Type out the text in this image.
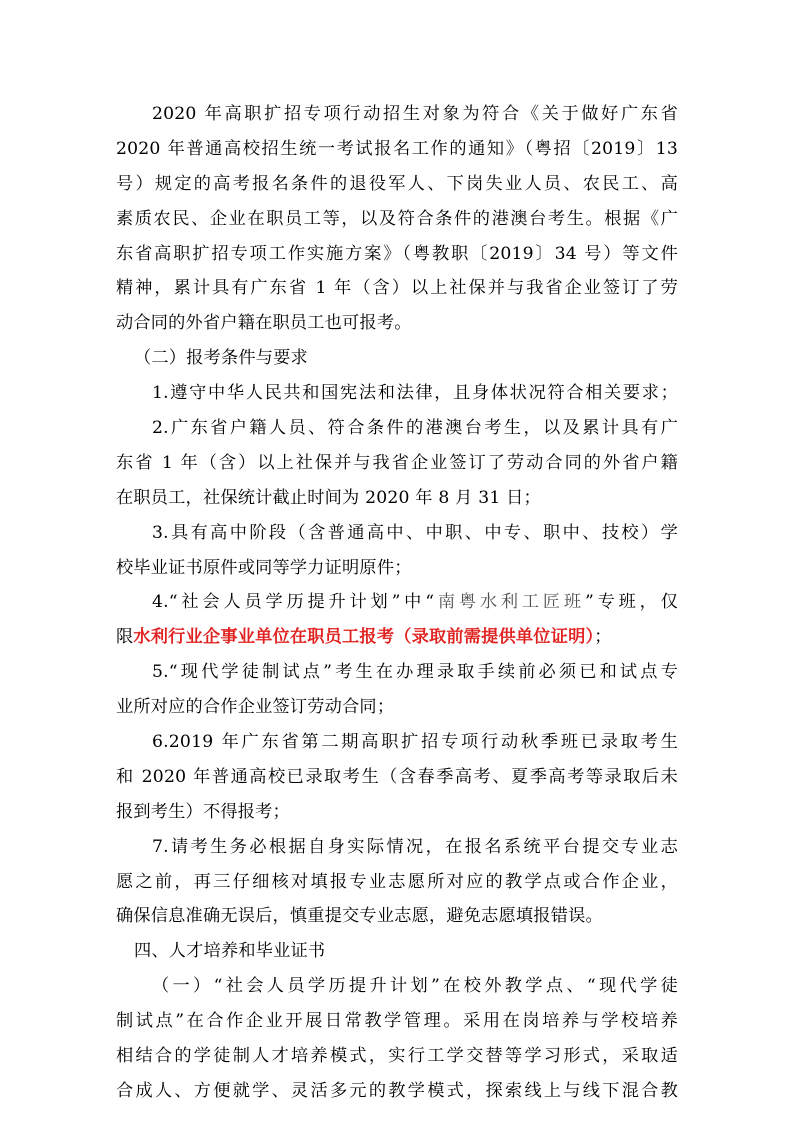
2020 年高职扩招专项行动招生对象为符合《关于做好广东省
2020 年普通高校招生统一考试报名工作的通知》（粤招〔2019〕13
号）规定的高考报名条件的退役军人、下岗失业人员、农民工、高
素质农民、企业在职员工等，以及符合条件的港澳台考生。根据《广
东省高职扩招专项工作实施方案》（粤教职〔2019〕34 号）等文件
精神，累计具有广东省 1 年（含）以上社保并与我省企业签订了劳
动合同的外省户籍在职员工也可报考。
（二）报考条件与要求
1.遵守中华人民共和国宪法和法律，且身体状况符合相关要求；
2.广东省户籍人员、符合条件的港澳台考生，以及累计具有广
东省 1 年（含）以上社保并与我省企业签订了劳动合同的外省户籍
在职员工，社保统计截止时间为 2020 年 8 月 31 日；
3.具有高中阶段（含普通高中、中职、中专、职中、技校）学
校毕业证书原件或同等学力证明原件；
4.“社会人员学历提升计划”中“南粤水利工匠班”专班，仅
限水利行业企事业单位在职员工报考（录取前需提供单位证明）；
5.“现代学徒制试点”考生在办理录取手续前必须已和试点专
业所对应的合作企业签订劳动合同；
6.2019 年广东省第二期高职扩招专项行动秋季班已录取考生
和 2020 年普通高校已录取考生（含春季高考、夏季高考等录取后未
报到考生）不得报考；
7.请考生务必根据自身实际情况，在报名系统平台提交专业志
愿之前，再三仔细核对填报专业志愿所对应的教学点或合作企业，
确保信息准确无误后，慎重提交专业志愿，避免志愿填报错误。
四、人才培养和毕业证书
（一）“社会人员学历提升计划”在校外教学点、“现代学徒
制试点”在合作企业开展日常教学管理。采用在岗培养与学校培养
相结合的学徒制人才培养模式，实行工学交替等学习形式，采取适
合成人、方便就学、灵活多元的教学模式，探索线上与线下混合教
